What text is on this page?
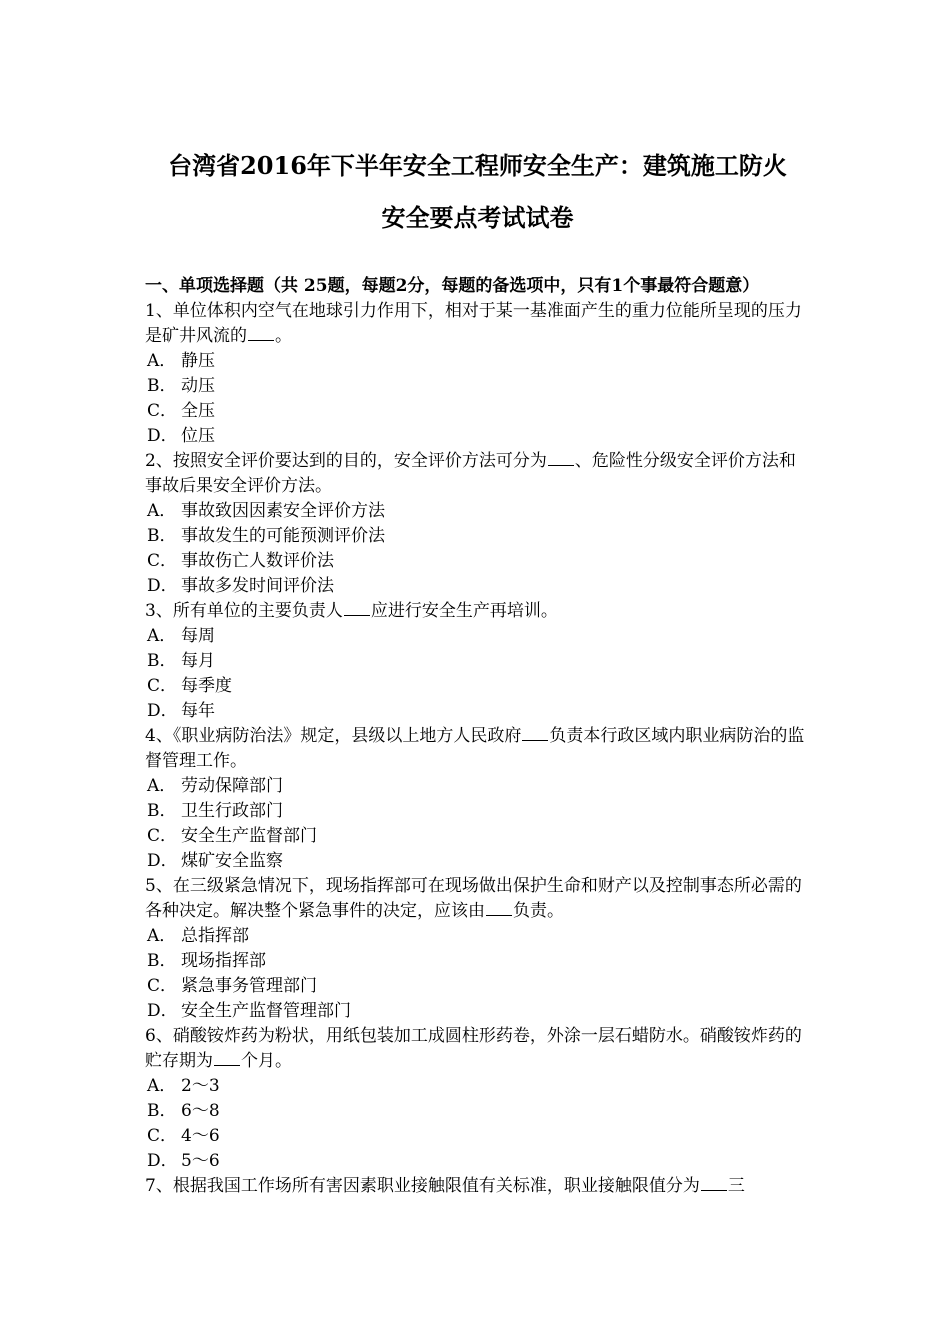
台湾省2016年下半年安全工程师安全生产：建筑施工防火
安全要点考试试卷

一、单项选择题（共 25题，每题2分，每题的备选项中，只有1个事最符合题意）

1、单位体积内空气在地球引力作用下，相对于某一基准面产生的重力位能所呈现的压力是矿井风流的 。

A． 静压
B． 动压
C． 全压
D． 位压

2、按照安全评价要达到的目的，安全评价方法可分为 、危险性分级安全评价方法和事故后果安全评价方法。

A． 事故致因因素安全评价方法
B． 事故发生的可能预测评价法
C． 事故伤亡人数评价法
D． 事故多发时间评价法

3、所有单位的主要负责人 应进行安全生产再培训。

A． 每周
B． 每月
C． 每季度
D． 每年

4、《职业病防治法》规定，县级以上地方人民政府 负责本行政区域内职业病防治的监督管理工作。

A． 劳动保障部门
B． 卫生行政部门
C． 安全生产监督部门
D． 煤矿安全监察

5、在三级紧急情况下，现场指挥部可在现场做出保护生命和财产以及控制事态所必需的各种决定。解决整个紧急事件的决定，应该由 负责。

A． 总指挥部
B． 现场指挥部
C． 紧急事务管理部门
D． 安全生产监督管理部门

6、硝酸铵炸药为粉状，用纸包装加工成圆柱形药卷，外涂一层石蜡防水。硝酸铵炸药的贮存期为 个月。

A． 2～3
B． 6～8
C． 4～6
D． 5～6

7、根据我国工作场所有害因素职业接触限值有关标准，职业接触限值分为 三
